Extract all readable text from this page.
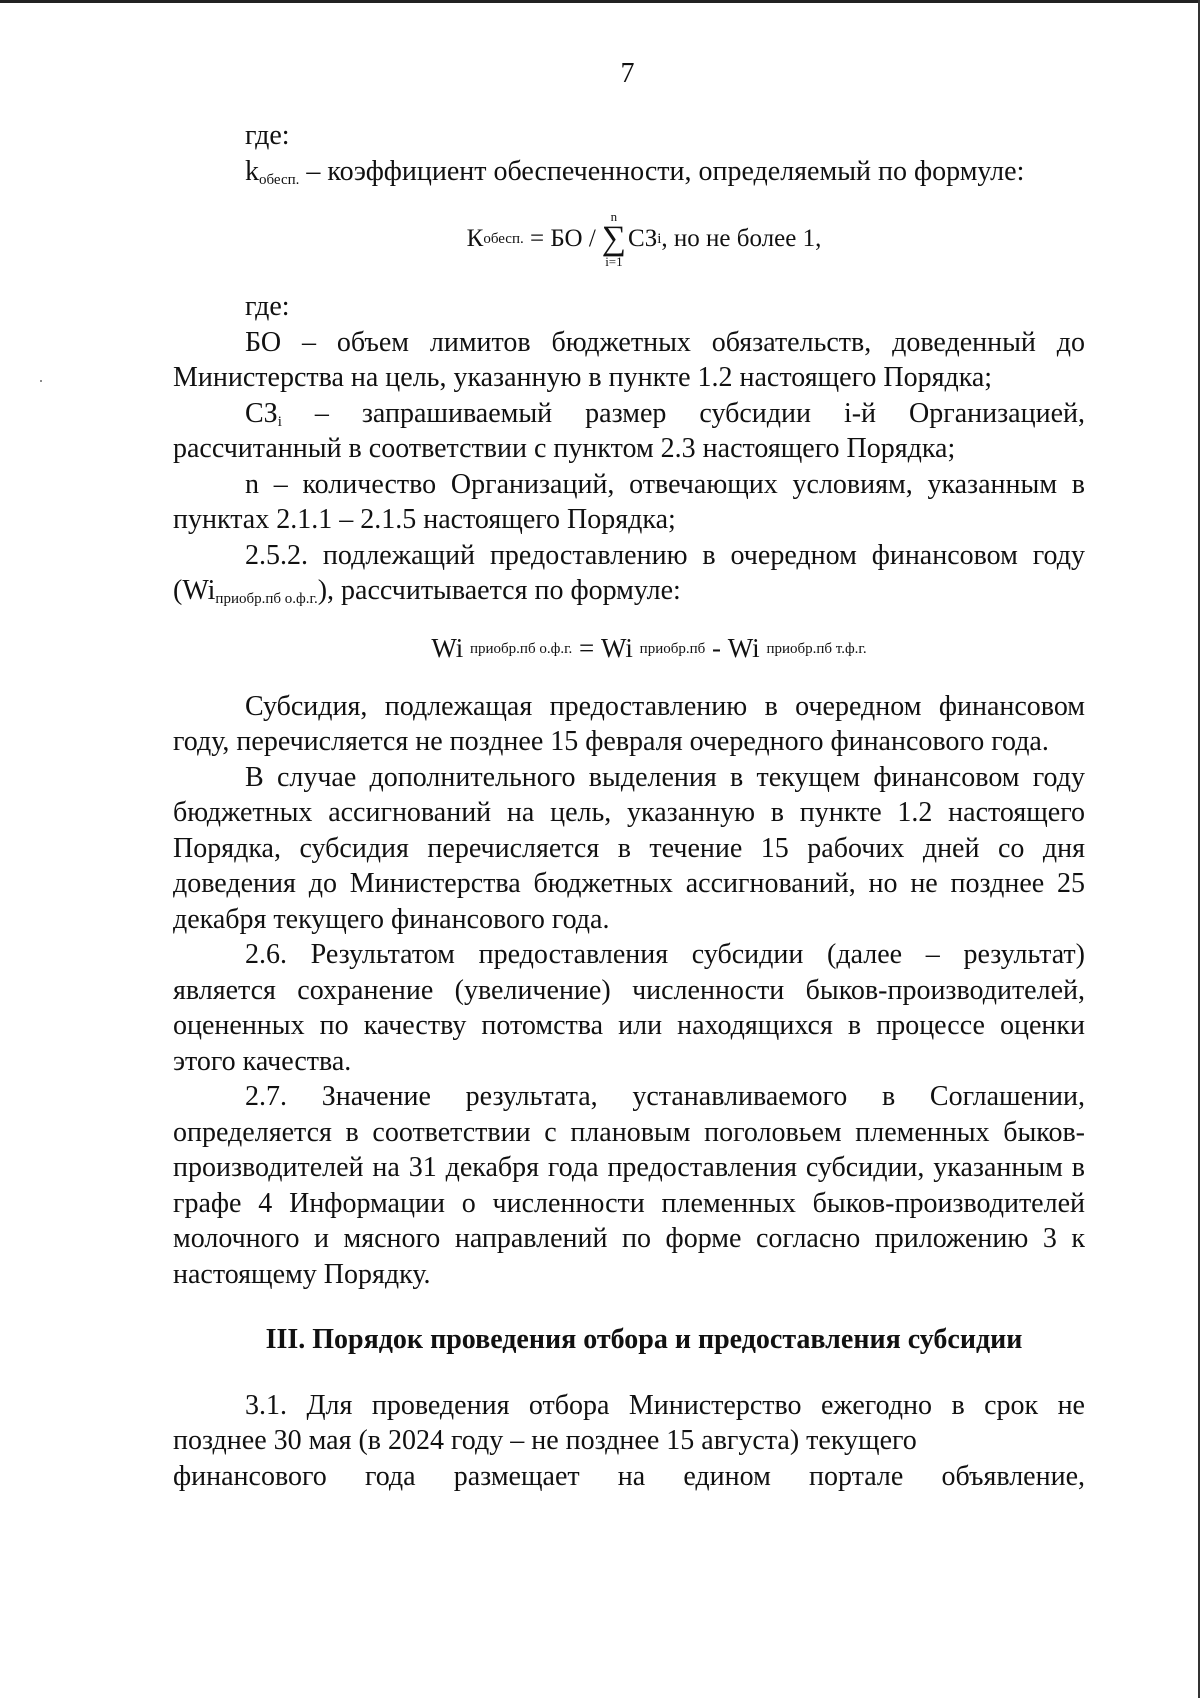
7

где:

$k_{обесп.}$ – коэффициент обеспеченности, определяемый по формуле:

К обесп.
= БО /
n
∑
i=1
СЗ i , но не более 1,

где:

БО – объем лимитов бюджетных обязательств, доведенный до Министерства на цель, указанную в пункте 1.2 настоящего Порядка;

$СЗ_i$ – запрашиваемый размер субсидии i-й Организацией, рассчитанный в соответствии с пунктом 2.3 настоящего Порядка;

n – количество Организаций, отвечающих условиям, указанным в пунктах 2.1.1 – 2.1.5 настоящего Порядка;

2.5.2. подлежащий предоставлению в очередном финансовом году $(Wi_{приобр.пб о.ф.г.})$, рассчитывается по формуле:

Wi
приобр.пб о.ф.г.
=
Wi
приобр.пб
-
Wi
приобр.пб т.ф.г.

Субсидия, подлежащая предоставлению в очередном финансовом году, перечисляется не позднее 15 февраля очередного финансового года.

В случае дополнительного выделения в текущем финансовом году бюджетных ассигнований на цель, указанную в пункте 1.2 настоящего Порядка, субсидия перечисляется в течение 15 рабочих дней со дня доведения до Министерства бюджетных ассигнований, но не позднее 25 декабря текущего финансового года.

2.6. Результатом предоставления субсидии (далее – результат) является сохранение (увеличение) численности быков-производителей, оцененных по качеству потомства или находящихся в процессе оценки этого качества.

2.7. Значение результата, устанавливаемого в Соглашении, определяется в соответствии с плановым поголовьем племенных быков-производителей на 31 декабря года предоставления субсидии, указанным в графе 4 Информации о численности племенных быков-производителей молочного и мясного направлений по форме согласно приложению 3 к настоящему Порядку.

III. Порядок проведения отбора и предоставления субсидии

3.1. Для проведения отбора Министерство ежегодно в срок не позднее 30 мая (в 2024 году – не позднее 15 августа) текущего

финансового года размещает на едином портале объявление,
